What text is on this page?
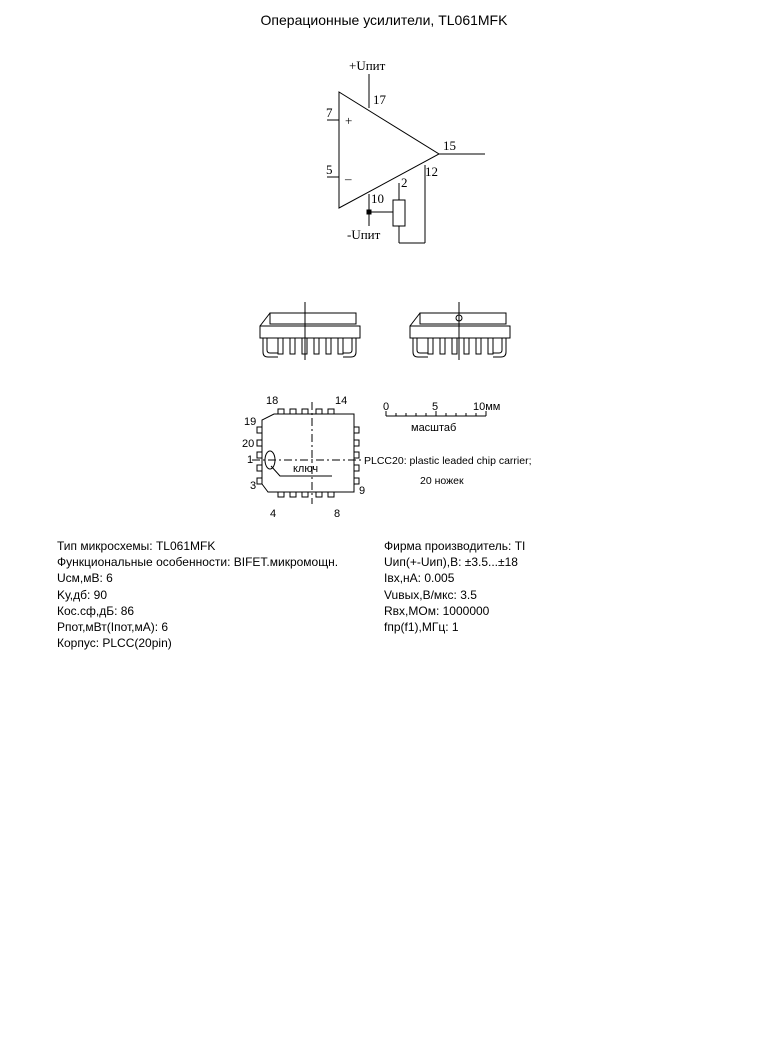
Операционные усилители, TL061MFK
+Uпит
17
7
+
5
–
15
2
12
10
-Uпит
18	14
19
20
1
3
4	8
9
ключ
PLCC20: plastic leaded chip carrier;
20 ножек
0	5	10мм
масштаб
Тип микросхемы: TL061MFK
Функциональные особенности: BIFET.микромощн.
Uсм,мВ: 6
Kу,дб: 90
Кос.сф,дБ: 86
Pпот,мВт(Iпот,мА): 6
Корпус: PLCC(20pin)
Фирма производитель: TI
Uип(+-Uип),В: ±3.5...±18
Iвх,нА: 0.005
Vuвых,В/мкс: 3.5
Rвх,МОм: 1000000
fпр(f1),МГц: 1
